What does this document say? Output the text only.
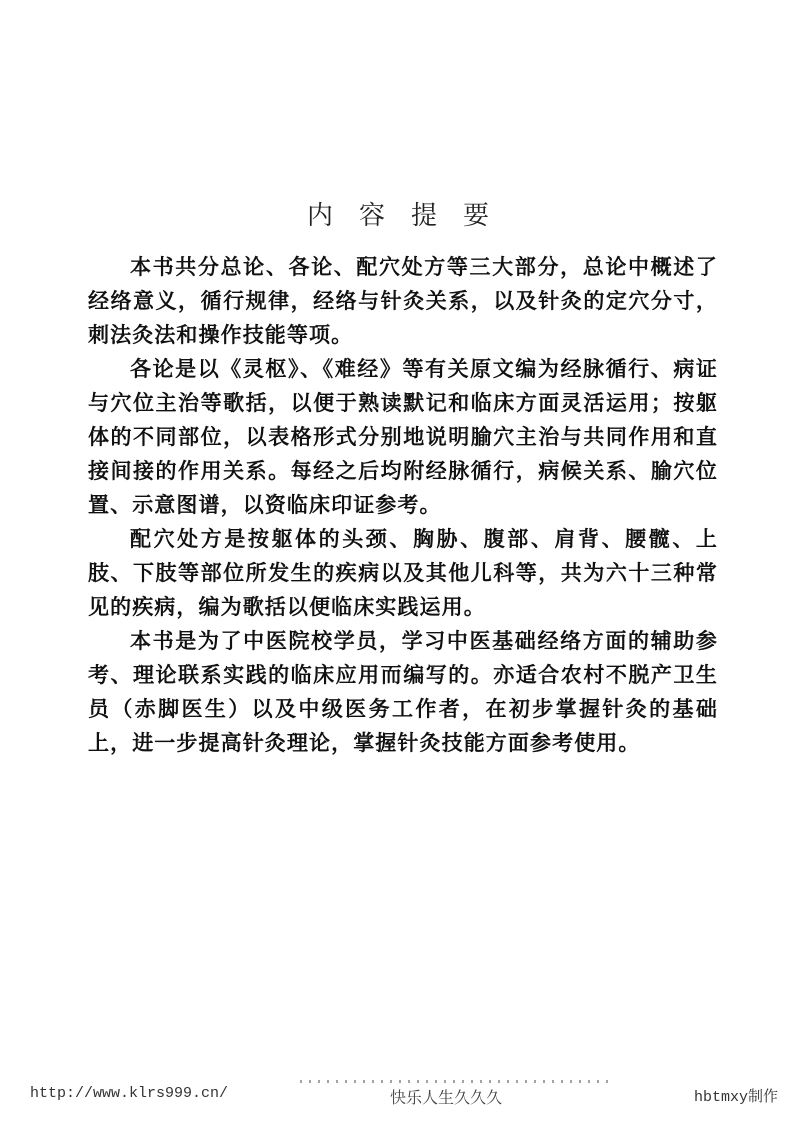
内容提要

本书共分总论、各论、配穴处方等三大部分，总论中概述了经络意义，循行规律，经络与针灸关系，以及针灸的定穴分寸，刺法灸法和操作技能等项。

各论是以《灵枢》、《难经》等有关原文编为经脉循行、病证与穴位主治等歌括，以便于熟读默记和临床方面灵活运用；按躯体的不同部位，以表格形式分别地说明腧穴主治与共同作用和直接间接的作用关系。每经之后均附经脉循行，病候关系、腧穴位置、示意图谱，以资临床印证参考。

配穴处方是按躯体的头颈、胸胁、腹部、肩背、腰髋、上肢、下肢等部位所发生的疾病以及其他儿科等，共为六十三种常见的疾病，编为歌括以便临床实践运用。

本书是为了中医院校学员，学习中医基础经络方面的辅助参考、理论联系实践的临床应用而编写的。亦适合农村不脱产卫生员（赤脚医生）以及中级医务工作者，在初步掌握针灸的基础上，进一步提高针灸理论，掌握针灸技能方面参考使用。

http://www.klrs999.cn/	快乐人生久久久	hbtmxy制作
